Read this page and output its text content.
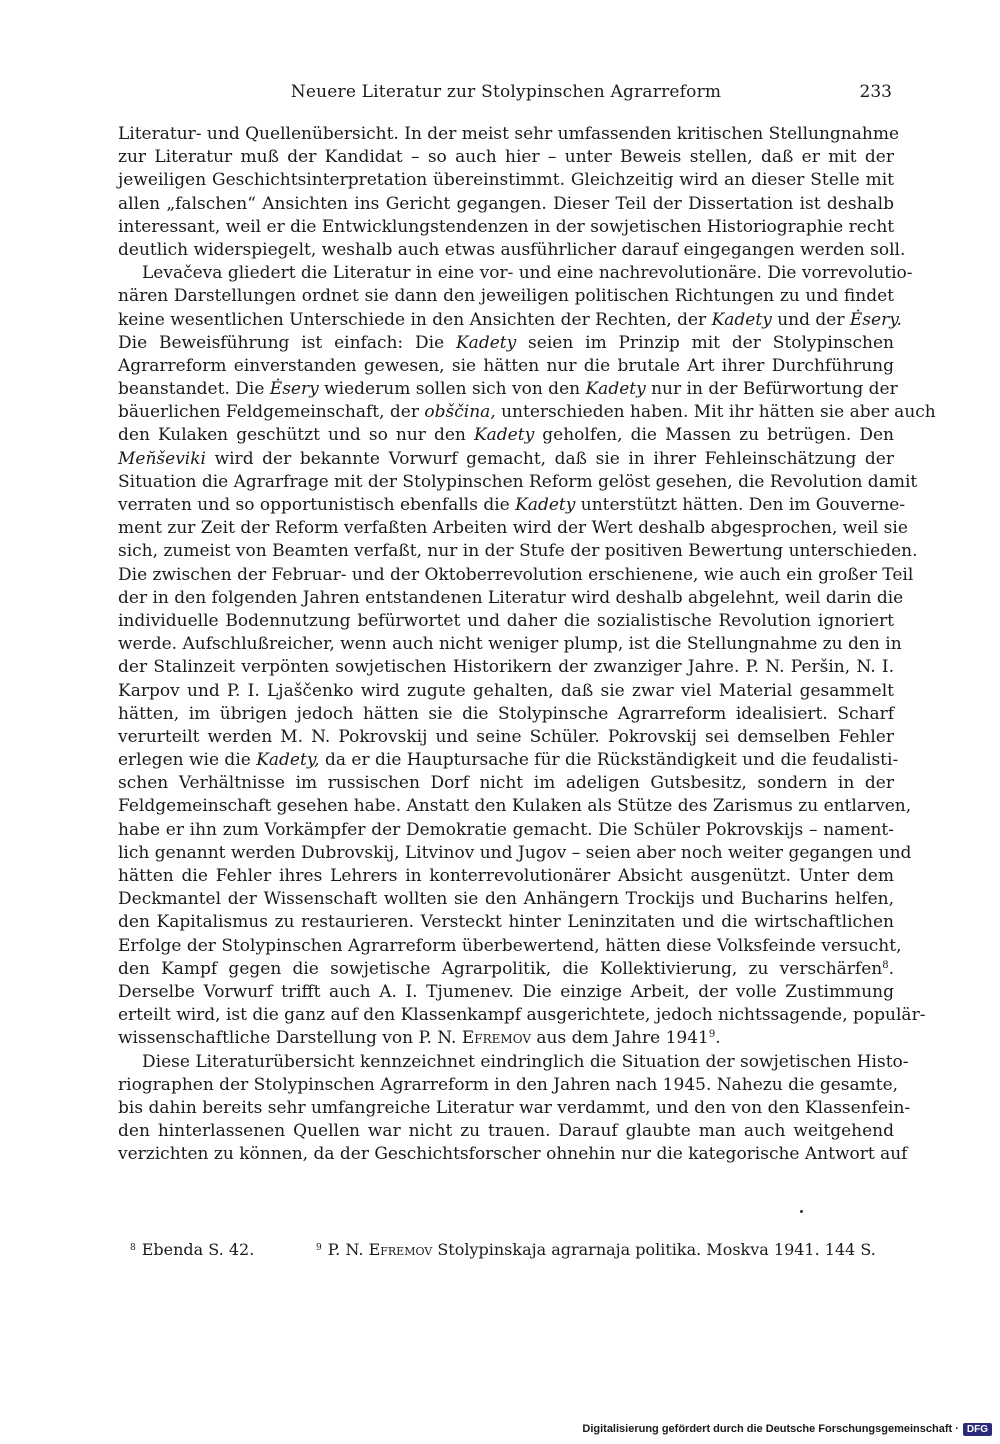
Neuere Literatur zur Stolypinschen Agrarreform	233
Literatur- und Quellenübersicht. In der meist sehr umfassenden kritischen Stellungnahme
zur Literatur muß der Kandidat – so auch hier – unter Beweis stellen, daß er mit der
jeweiligen Geschichtsinterpretation übereinstimmt. Gleichzeitig wird an dieser Stelle mit
allen „falschen“ Ansichten ins Gericht gegangen. Dieser Teil der Dissertation ist deshalb
interessant, weil er die Entwicklungstendenzen in der sowjetischen Historiographie recht
deutlich widerspiegelt, weshalb auch etwas ausführlicher darauf eingegangen werden soll.
Levačeva gliedert die Literatur in eine vor- und eine nachrevolutionäre. Die vorrevolutio-
nären Darstellungen ordnet sie dann den jeweiligen politischen Richtungen zu und findet
keine wesentlichen Unterschiede in den Ansichten der Rechten, der Kadety und der Ėsery.
Die Beweisführung ist einfach: Die Kadety seien im Prinzip mit der Stolypinschen
Agrarreform einverstanden gewesen, sie hätten nur die brutale Art ihrer Durchführung
beanstandet. Die Ėsery wiederum sollen sich von den Kadety nur in der Befürwortung der
bäuerlichen Feldgemeinschaft, der obščina, unterschieden haben. Mit ihr hätten sie aber auch
den Kulaken geschützt und so nur den Kadety geholfen, die Massen zu betrügen. Den
Men̆ševiki wird der bekannte Vorwurf gemacht, daß sie in ihrer Fehleinschätzung der
Situation die Agrarfrage mit der Stolypinschen Reform gelöst gesehen, die Revolution damit
verraten und so opportunistisch ebenfalls die Kadety unterstützt hätten. Den im Gouverne-
ment zur Zeit der Reform verfaßten Arbeiten wird der Wert deshalb abgesprochen, weil sie
sich, zumeist von Beamten verfaßt, nur in der Stufe der positiven Bewertung unterschieden.
Die zwischen der Februar- und der Oktoberrevolution erschienene, wie auch ein großer Teil
der in den folgenden Jahren entstandenen Literatur wird deshalb abgelehnt, weil darin die
individuelle Bodennutzung befürwortet und daher die sozialistische Revolution ignoriert
werde. Aufschlußreicher, wenn auch nicht weniger plump, ist die Stellungnahme zu den in
der Stalinzeit verpönten sowjetischen Historikern der zwanziger Jahre. P. N. Peršin, N. I.
Karpov und P. I. Ljaščenko wird zugute gehalten, daß sie zwar viel Material gesammelt
hätten, im übrigen jedoch hätten sie die Stolypinsche Agrarreform idealisiert. Scharf
verurteilt werden M. N. Pokrovskij und seine Schüler. Pokrovskij sei demselben Fehler
erlegen wie die Kadety, da er die Hauptursache für die Rückständigkeit und die feudalisti-
schen Verhältnisse im russischen Dorf nicht im adeligen Gutsbesitz, sondern in der
Feldgemeinschaft gesehen habe. Anstatt den Kulaken als Stütze des Zarismus zu entlarven,
habe er ihn zum Vorkämpfer der Demokratie gemacht. Die Schüler Pokrovskijs – nament-
lich genannt werden Dubrovskij, Litvinov und Jugov – seien aber noch weiter gegangen und
hätten die Fehler ihres Lehrers in konterrevolutionärer Absicht ausgenützt. Unter dem
Deckmantel der Wissenschaft wollten sie den Anhängern Trockijs und Bucharins helfen,
den Kapitalismus zu restaurieren. Versteckt hinter Leninzitaten und die wirtschaftlichen
Erfolge der Stolypinschen Agrarreform überbewertend, hätten diese Volksfeinde versucht,
den Kampf gegen die sowjetische Agrarpolitik, die Kollektivierung, zu verschärfen$^8$.
Derselbe Vorwurf trifft auch A. I. Tjumenev. Die einzige Arbeit, der volle Zustimmung
erteilt wird, ist die ganz auf den Klassenkampf ausgerichtete, jedoch nichtssagende, populär-
wissenschaftliche Darstellung von P. N. Efremov aus dem Jahre 1941$^9$.
Diese Literaturübersicht kennzeichnet eindringlich die Situation der sowjetischen Histo-
riographen der Stolypinschen Agrarreform in den Jahren nach 1945. Nahezu die gesamte,
bis dahin bereits sehr umfangreiche Literatur war verdammt, und den von den Klassenfein-
den hinterlassenen Quellen war nicht zu trauen. Darauf glaubte man auch weitgehend
verzichten zu können, da der Geschichtsforscher ohnehin nur die kategorische Antwort auf
$^8$ Ebenda S. 42.	$^9$ P. N. Efremov Stolypinskaja agrarnaja politika. Moskva 1941. 144 S.
Digitalisierung gefördert durch die Deutsche Forschungsgemeinschaft · DFG
